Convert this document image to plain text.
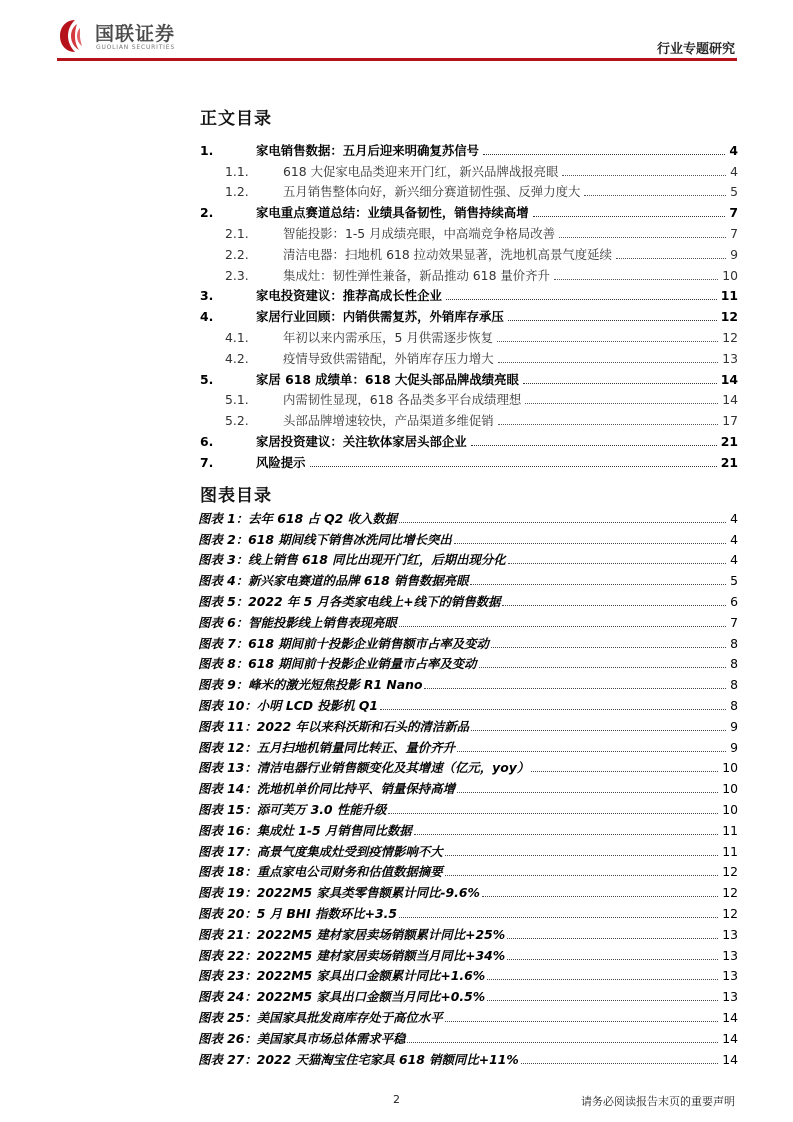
国联证券
GUOLIAN SECURITIES	行业专题研究
正文目录
1.	家电销售数据：五月后迎来明确复苏信号	4
1.1.	618 大促家电品类迎来开门红，新兴品牌战报亮眼	4
1.2.	五月销售整体向好，新兴细分赛道韧性强、反弹力度大	5
2.	家电重点赛道总结：业绩具备韧性，销售持续高增	7
2.1.	智能投影：1-5 月成绩亮眼，中高端竞争格局改善	7
2.2.	清洁电器：扫地机 618 拉动效果显著，洗地机高景气度延续	9
2.3.	集成灶：韧性弹性兼备，新品推动 618 量价齐升	10
3.	家电投资建议：推荐高成长性企业	11
4.	家居行业回顾：内销供需复苏，外销库存承压	12
4.1.	年初以来内需承压，5 月供需逐步恢复	12
4.2.	疫情导致供需错配，外销库存压力增大	13
5.	家居 618 成绩单：618 大促头部品牌战绩亮眼	14
5.1.	内需韧性显现，618 各品类多平台成绩理想	14
5.2.	头部品牌增速较快，产品渠道多维促销	17
6.	家居投资建议：关注软体家居头部企业	21
7.	风险提示	21
图表目录
图表 1：去年 618 占 Q2 收入数据	4
图表 2：618 期间线下销售冰洗同比增长突出	4
图表 3：线上销售 618 同比出现开门红，后期出现分化	4
图表 4：新兴家电赛道的品牌 618 销售数据亮眼	5
图表 5：2022 年 5 月各类家电线上+线下的销售数据	6
图表 6：智能投影线上销售表现亮眼	7
图表 7：618 期间前十投影企业销售额市占率及变动	8
图表 8：618 期间前十投影企业销量市占率及变动	8
图表 9：峰米的激光短焦投影 R1 Nano	8
图表 10：小明 LCD 投影机 Q1	8
图表 11：2022 年以来科沃斯和石头的清洁新品	9
图表 12：五月扫地机销量同比转正、量价齐升	9
图表 13：清洁电器行业销售额变化及其增速（亿元，yoy）	10
图表 14：洗地机单价同比持平、销量保持高增	10
图表 15：添可芙万 3.0 性能升级	10
图表 16：集成灶 1-5 月销售同比数据	11
图表 17：高景气度集成灶受到疫情影响不大	11
图表 18：重点家电公司财务和估值数据摘要	12
图表 19：2022M5 家具类零售额累计同比-9.6%	12
图表 20：5 月 BHI 指数环比+3.5	12
图表 21：2022M5 建材家居卖场销额累计同比+25%	13
图表 22：2022M5 建材家居卖场销额当月同比+34%	13
图表 23：2022M5 家具出口金额累计同比+1.6%	13
图表 24：2022M5 家具出口金额当月同比+0.5%	13
图表 25：美国家具批发商库存处于高位水平	14
图表 26：美国家具市场总体需求平稳	14
图表 27：2022 天猫淘宝住宅家具 618 销额同比+11%	14
2	请务必阅读报告末页的重要声明
